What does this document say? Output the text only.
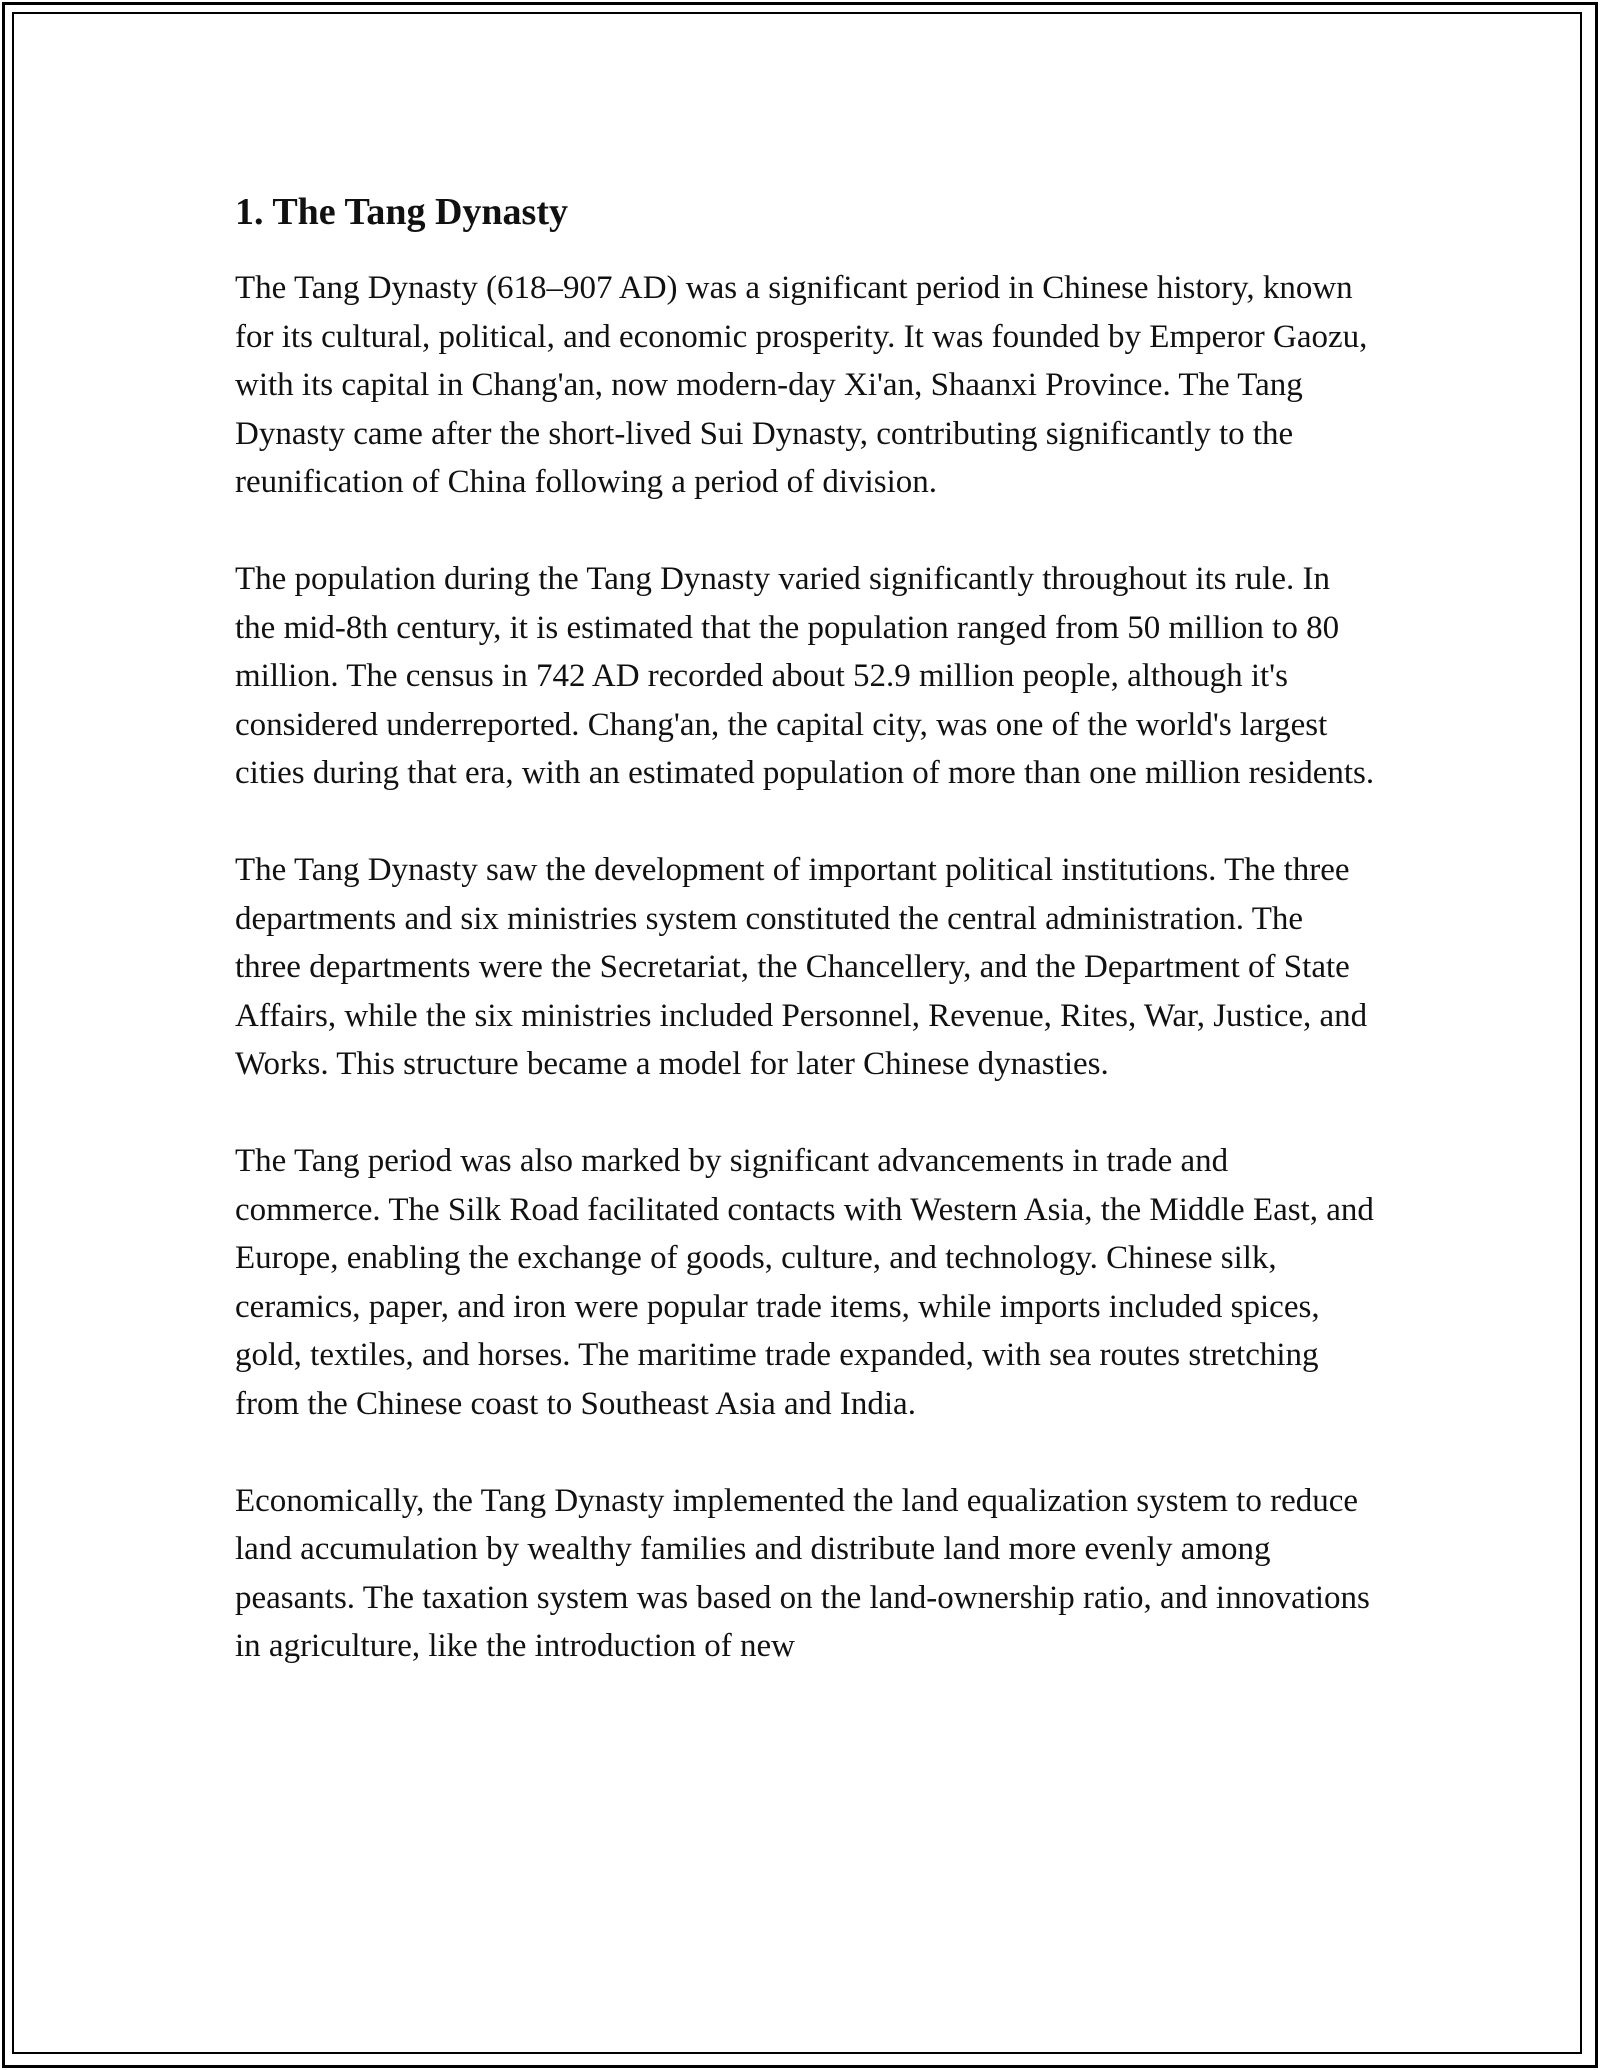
1. The Tang Dynasty

The Tang Dynasty (618–907 AD) was a significant period in Chinese history, known for its cultural, political, and economic prosperity. It was founded by Emperor Gaozu, with its capital in Chang'an, now modern-day Xi'an, Shaanxi Province. The Tang Dynasty came after the short-lived Sui Dynasty, contributing significantly to the reunification of China following a period of division.

The population during the Tang Dynasty varied significantly throughout its rule. In the mid-8th century, it is estimated that the population ranged from 50 million to 80 million. The census in 742 AD recorded about 52.9 million people, although it's considered underreported. Chang'an, the capital city, was one of the world's largest cities during that era, with an estimated population of more than one million residents.

The Tang Dynasty saw the development of important political institutions. The three departments and six ministries system constituted the central administration. The three departments were the Secretariat, the Chancellery, and the Department of State Affairs, while the six ministries included Personnel, Revenue, Rites, War, Justice, and Works. This structure became a model for later Chinese dynasties.

The Tang period was also marked by significant advancements in trade and commerce. The Silk Road facilitated contacts with Western Asia, the Middle East, and Europe, enabling the exchange of goods, culture, and technology. Chinese silk, ceramics, paper, and iron were popular trade items, while imports included spices, gold, textiles, and horses. The maritime trade expanded, with sea routes stretching from the Chinese coast to Southeast Asia and India.

Economically, the Tang Dynasty implemented the land equalization system to reduce land accumulation by wealthy families and distribute land more evenly among peasants. The taxation system was based on the land-ownership ratio, and innovations in agriculture, like the introduction of new
